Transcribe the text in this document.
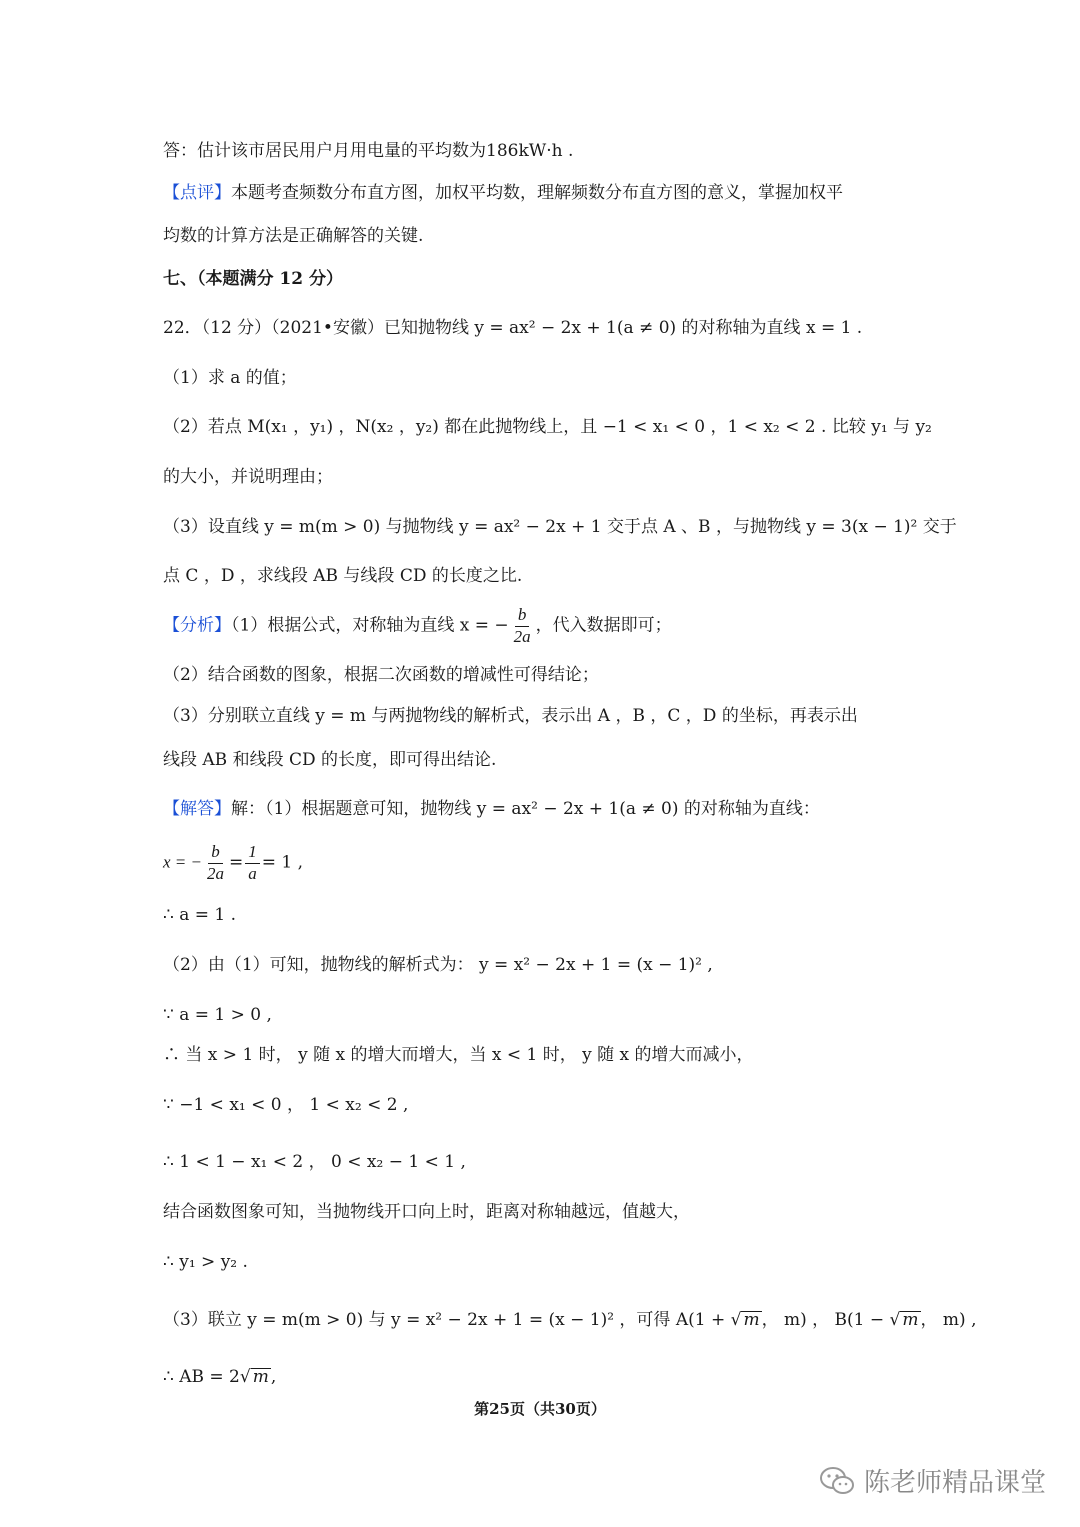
答：估计该市居民用户月用电量的平均数为186kW·h .
【点评】本题考查频数分布直方图，加权平均数，理解频数分布直方图的意义，掌握加权平
均数的计算方法是正确解答的关键.
七、（本题满分 12 分）
22．（12 分）（2021•安徽）已知抛物线 y = ax² − 2x + 1(a ≠ 0) 的对称轴为直线 x = 1 .
（1）求 a 的值；
（2）若点 M(x₁ ，y₁) ，N(x₂ ，y₂) 都在此抛物线上，且 −1 < x₁ < 0 ，1 < x₂ < 2 . 比较 y₁ 与 y₂
的大小，并说明理由；
（3）设直线 y = m(m > 0) 与抛物线 y = ax² − 2x + 1 交于点 A 、B ，与抛物线 y = 3(x − 1)² 交于
点 C ，D ，求线段 AB 与线段 CD 的长度之比.
【分析】（1）根据公式，对称轴为直线 x = − $\frac{b}{2a}$ ，代入数据即可；
（2）结合函数的图象，根据二次函数的增减性可得结论；
（3）分别联立直线 y = m 与两抛物线的解析式，表示出 A ，B ，C ，D 的坐标，再表示出
线段 AB 和线段 CD 的长度，即可得出结论.
【解答】解：（1）根据题意可知，抛物线 y = ax² − 2x + 1(a ≠ 0) 的对称轴为直线：
x = − $\frac{b}{2a} = \frac{1}{a} = 1$ ,
∴ a = 1 .
（2）由（1）可知，抛物线的解析式为： y = x² − 2x + 1 = (x − 1)² ,
∵ a = 1 > 0 ,
∴ 当 x > 1 时， y 随 x 的增大而增大，当 x < 1 时， y 随 x 的增大而减小，
∵ −1 < x₁ < 0 ， 1 < x₂ < 2 ,
∴ 1 < 1 − x₁ < 2 ， 0 < x₂ − 1 < 1 ,
结合函数图象可知，当抛物线开口向上时，距离对称轴越远，值越大，
∴ y₁ > y₂ .
（3）联立 y = m(m > 0) 与 y = x² − 2x + 1 = (x − 1)² ，可得 A(1 + √ m ， m) ， B(1 − √ m ， m) ,
∴ AB = 2√ m ,
第25页（共30页）
陈老师精品课堂
